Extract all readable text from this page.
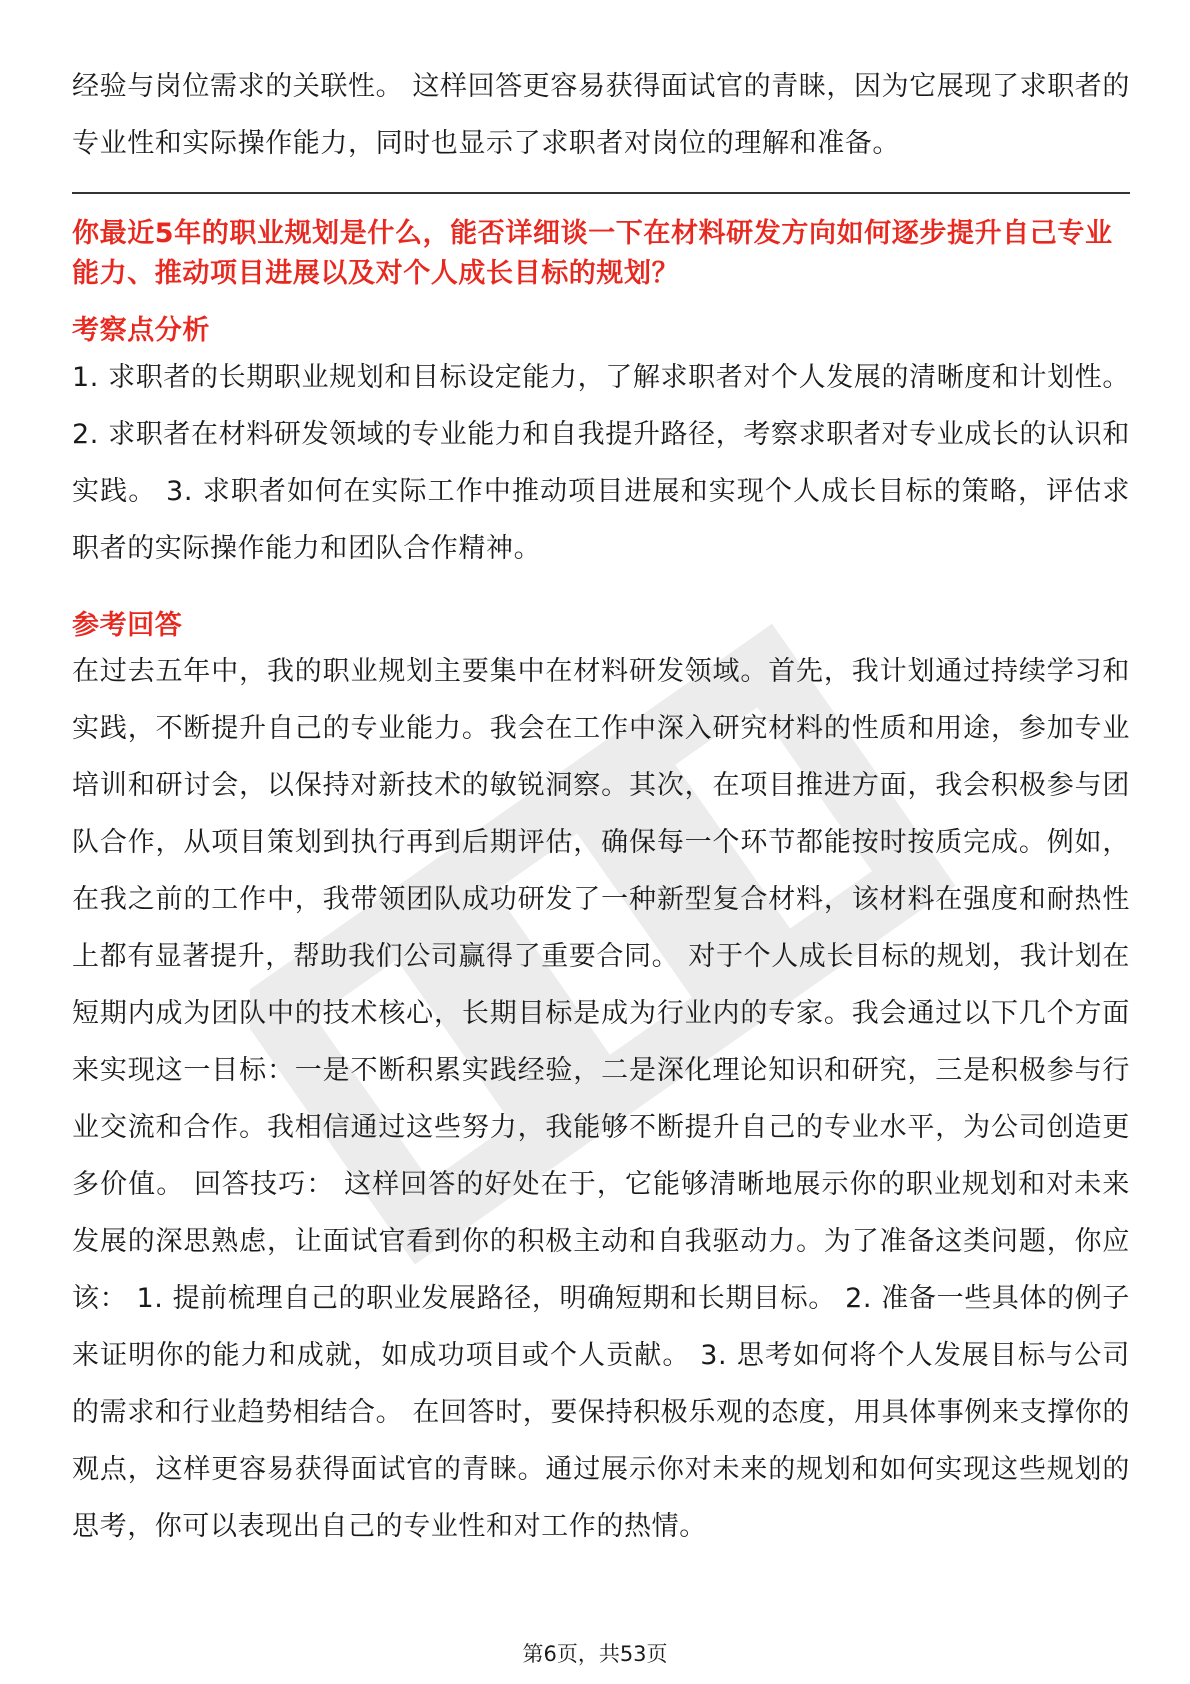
经验与岗位需求的关联性。 这样回答更容易获得面试官的青睐，因为它展现了求职者的专业性和实际操作能力，同时也显示了求职者对岗位的理解和准备。

你最近5年的职业规划是什么，能否详细谈一下在材料研发方向如何逐步提升自己专业能力、推动项目进展以及对个人成长目标的规划？

考察点分析

1. 求职者的长期职业规划和目标设定能力，了解求职者对个人发展的清晰度和计划性。 2. 求职者在材料研发领域的专业能力和自我提升路径，考察求职者对专业成长的认识和实践。 3. 求职者如何在实际工作中推动项目进展和实现个人成长目标的策略，评估求职者的实际操作能力和团队合作精神。

参考回答

在过去五年中，我的职业规划主要集中在材料研发领域。首先，我计划通过持续学习和实践，不断提升自己的专业能力。我会在工作中深入研究材料的性质和用途，参加专业培训和研讨会，以保持对新技术的敏锐洞察。其次，在项目推进方面，我会积极参与团队合作，从项目策划到执行再到后期评估，确保每一个环节都能按时按质完成。例如，在我之前的工作中，我带领团队成功研发了一种新型复合材料，该材料在强度和耐热性上都有显著提升，帮助我们公司赢得了重要合同。 对于个人成长目标的规划，我计划在短期内成为团队中的技术核心，长期目标是成为行业内的专家。我会通过以下几个方面来实现这一目标：一是不断积累实践经验，二是深化理论知识和研究，三是积极参与行业交流和合作。我相信通过这些努力，我能够不断提升自己的专业水平，为公司创造更多价值。 回答技巧： 这样回答的好处在于，它能够清晰地展示你的职业规划和对未来发展的深思熟虑，让面试官看到你的积极主动和自我驱动力。为了准备这类问题，你应该： 1. 提前梳理自己的职业发展路径，明确短期和长期目标。 2. 准备一些具体的例子来证明你的能力和成就，如成功项目或个人贡献。 3. 思考如何将个人发展目标与公司的需求和行业趋势相结合。 在回答时，要保持积极乐观的态度，用具体事例来支撑你的观点，这样更容易获得面试官的青睐。通过展示你对未来的规划和如何实现这些规划的思考，你可以表现出自己的专业性和对工作的热情。

第6页，共53页
